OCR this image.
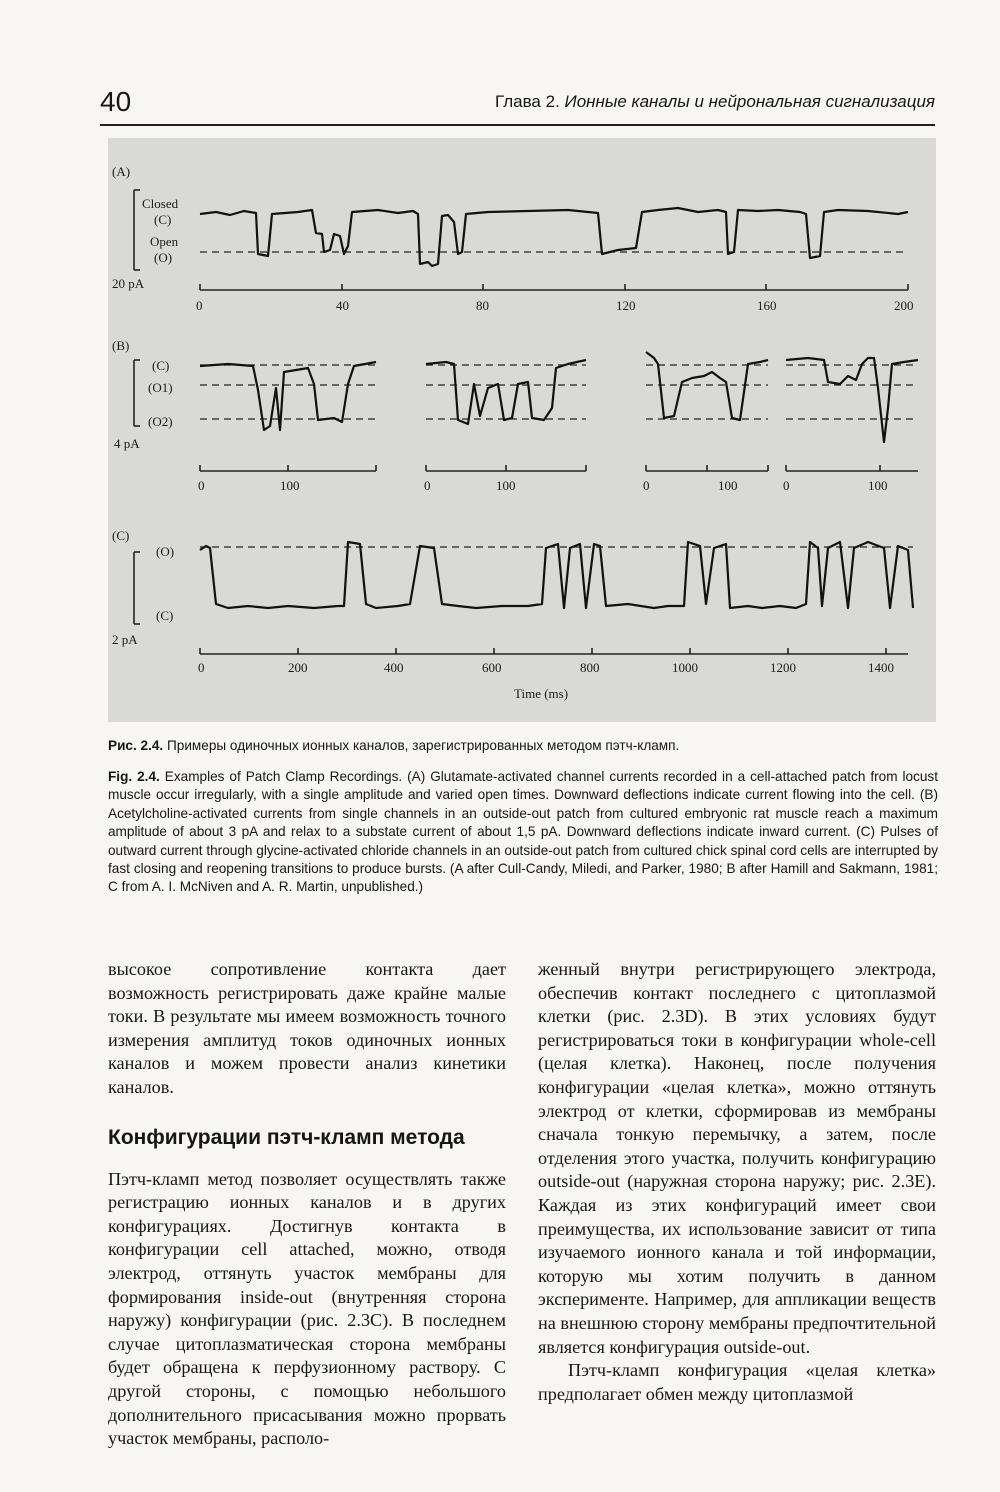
40	Глава 2. Ионные каналы и нейрональная сигнализация
(A)
Closed
(C)
Open
(O)
20 pA
0	40	80	120	160	200
(B)
(C)
(O1)
(O2)
4 pA
0	100	0	100	0	100	0	100
(C)
(O)
(C)
2 pA
0	200	400	600	800	1000	1200	1400
Time (ms)
Рис. 2.4. Примеры одиночных ионных каналов, зарегистрированных методом пэтч-кламп.
Fig. 2.4. Examples of Patch Clamp Recordings. (A) Glutamate-activated channel currents recorded in a cell-attached patch from locust muscle occur irregularly, with a single amplitude and varied open times. Downward deflections indicate current flowing into the cell. (B) Acetylcholine-activated currents from single channels in an outside-out patch from cultured embryonic rat muscle reach a maximum amplitude of about 3 pA and relax to a substate current of about 1,5 pA. Downward deflections indicate inward current. (C) Pulses of outward current through glycine-activated chloride channels in an outside-out patch from cultured chick spinal cord cells are interrupted by fast closing and reopening transitions to produce bursts. (A after Cull-Candy, Miledi, and Parker, 1980; B after Hamill and Sakmann, 1981; C from A. I. McNiven and A. R. Martin, unpublished.)

высокое сопротивление контакта дает возможность регистрировать даже крайне малые токи. В результате мы имеем возможность точного измерения амплитуд токов одиночных ионных каналов и можем провести анализ кинетики каналов.

Конфигурации пэтч-кламп метода

Пэтч-кламп метод позволяет осуществлять также регистрацию ионных каналов и в других конфигурациях. Достигнув контакта в конфигурации cell attached, можно, отводя электрод, оттянуть участок мембраны для формирования inside-out (внутренняя сторона наружу) конфигурации (рис. 2.3C). В последнем случае цитоплазматическая сторона мембраны будет обращена к перфузионному раствору. С другой стороны, с помощью небольшого дополнительного присасывания можно прорвать участок мембраны, располо-

женный внутри регистрирующего электрода, обеспечив контакт последнего с цитоплазмой клетки (рис. 2.3D). В этих условиях будут регистрироваться токи в конфигурации whole-cell (целая клетка). Наконец, после получения конфигурации «целая клетка», можно оттянуть электрод от клетки, сформировав из мембраны сначала тонкую перемычку, а затем, после отделения этого участка, получить конфигурацию outside-out (наружная сторона наружу; рис. 2.3E). Каждая из этих конфигураций имеет свои преимущества, их использование зависит от типа изучаемого ионного канала и той информации, которую мы хотим получить в данном эксперименте. Например, для аппликации веществ на внешнюю сторону мембраны предпочтительной является конфигурация outside-out.

Пэтч-кламп конфигурация «целая клетка» предполагает обмен между цитоплазмой
